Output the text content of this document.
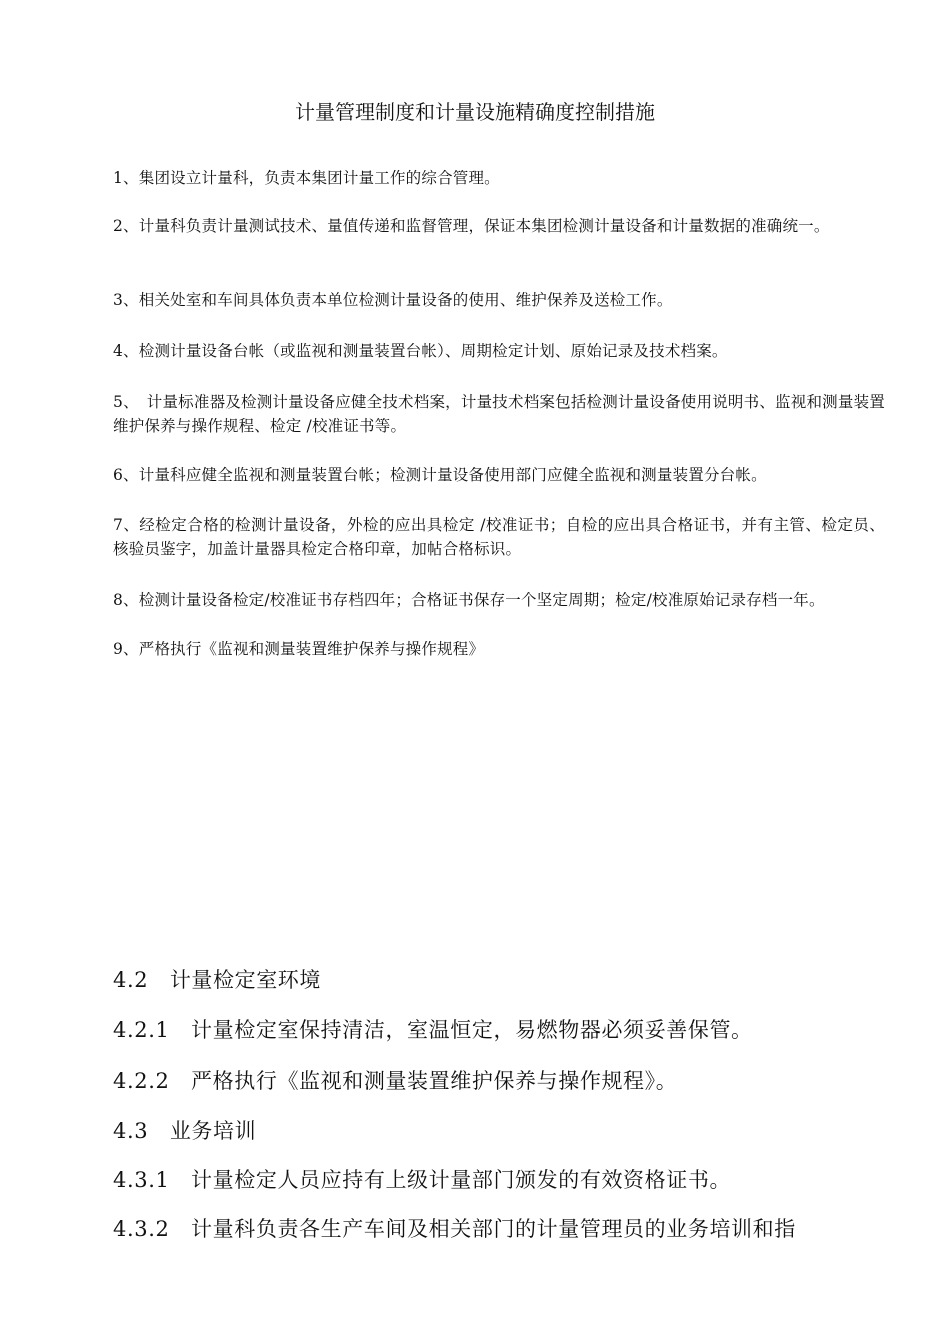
计量管理制度和计量设施精确度控制措施
1、集团设立计量科，负责本集团计量工作的综合管理。
2、计量科负责计量测试技术、量值传递和监督管理，保证本集团检测计量设备和计量数据的准确统一。
3、相关处室和车间具体负责本单位检测计量设备的使用、维护保养及送检工作。
4、检测计量设备台帐（或监视和测量装置台帐）、周期检定计划、原始记录及技术档案。
5、　计量标准器及检测计量设备应健全技术档案，计量技术档案包括检测计量设备使用说明书、监视和测量装置维护保养与操作规程、检定 /校准证书等。
6、计量科应健全监视和测量装置台帐；检测计量设备使用部门应健全监视和测量装置分台帐。
7、经检定合格的检测计量设备，外检的应出具检定 /校准证书；自检的应出具合格证书，并有主管、检定员、核验员鉴字，加盖计量器具检定合格印章，加帖合格标识。
8、检测计量设备检定/校准证书存档四年；合格证书保存一个坚定周期；检定/校准原始记录存档一年。
9、严格执行《监视和测量装置维护保养与操作规程》
4.2　 计量检定室环境
4.2.1　 计量检定室保持清洁，室温恒定，易燃物器必须妥善保管。
4.2.2　 严格执行《监视和测量装置维护保养与操作规程》。
4.3　 业务培训
4.3.1　 计量检定人员应持有上级计量部门颁发的有效资格证书。
4.3.2　 计量科负责各生产车间及相关部门的计量管理员的业务培训和指
